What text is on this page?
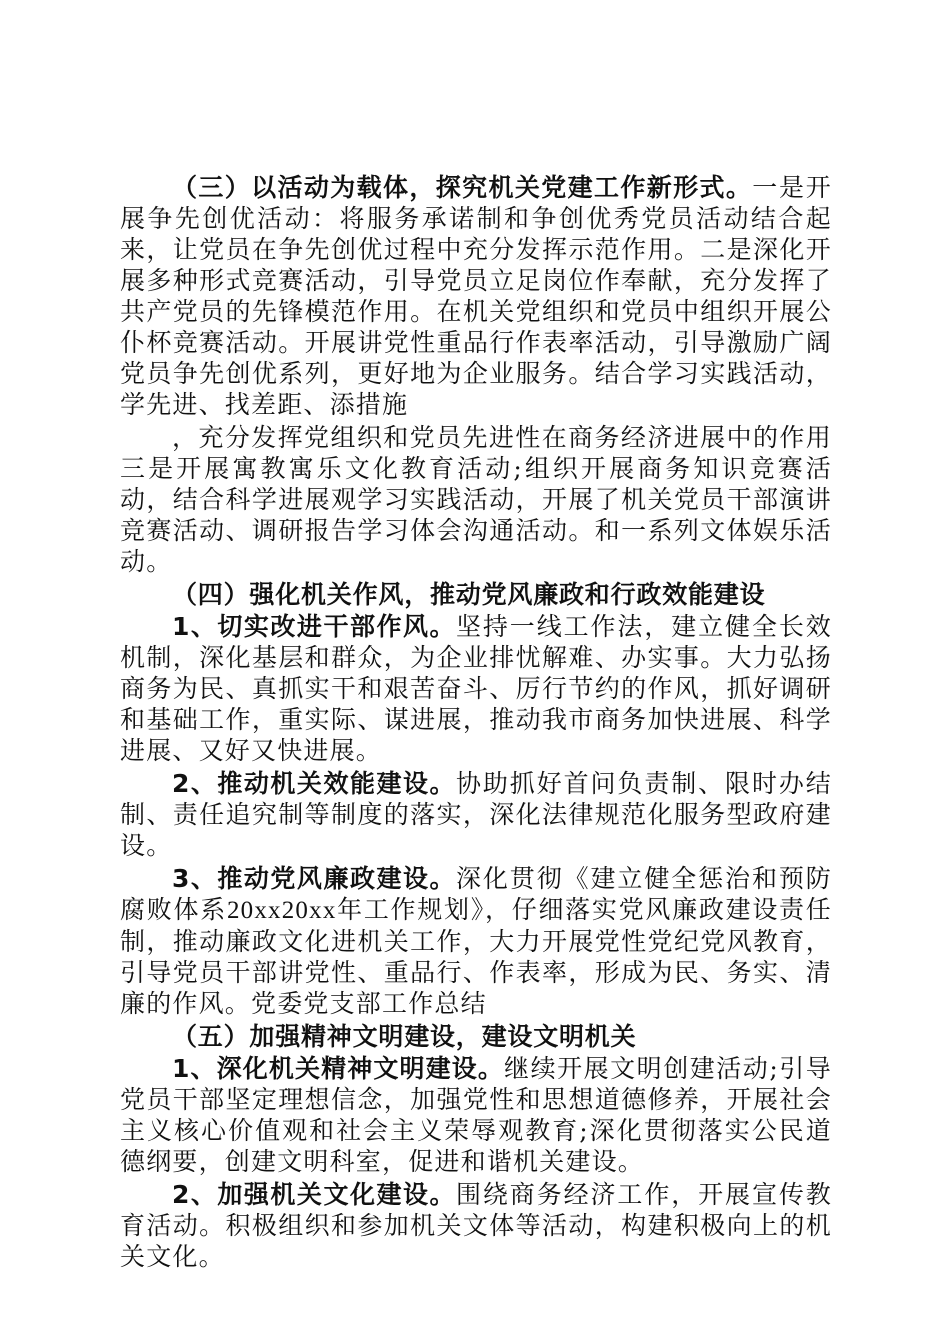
（三）以活动为载体，探究机关党建工作新形式。一是开展争先创优活动：将服务承诺制和争创优秀党员活动结合起来，让党员在争先创优过程中充分发挥示范作用。二是深化开展多种形式竞赛活动，引导党员立足岗位作奉献，充分发挥了共产党员的先锋模范作用。在机关党组织和党员中组织开展公仆杯竞赛活动。开展讲党性重品行作表率活动，引导激励广阔党员争先创优系列，更好地为企业服务。结合学习实践活动，学先进、找差距、添措施

，充分发挥党组织和党员先进性在商务经济进展中的作用三是开展寓教寓乐文化教育活动;组织开展商务知识竞赛活动，结合科学进展观学习实践活动，开展了机关党员干部演讲竞赛活动、调研报告学习体会沟通活动。和一系列文体娱乐活动。

（四）强化机关作风，推动党风廉政和行政效能建设

1、切实改进干部作风。坚持一线工作法，建立健全长效机制，深化基层和群众，为企业排忧解难、办实事。大力弘扬商务为民、真抓实干和艰苦奋斗、厉行节约的作风，抓好调研和基础工作，重实际、谋进展，推动我市商务加快进展、科学进展、又好又快进展。

2、推动机关效能建设。协助抓好首问负责制、限时办结制、责任追究制等制度的落实，深化法律规范化服务型政府建设。

3、推动党风廉政建设。深化贯彻《建立健全惩治和预防腐败体系20xx20xx年工作规划》，仔细落实党风廉政建设责任制，推动廉政文化进机关工作，大力开展党性党纪党风教育，引导党员干部讲党性、重品行、作表率，形成为民、务实、清廉的作风。党委党支部工作总结

（五）加强精神文明建设，建设文明机关

1、深化机关精神文明建设。继续开展文明创建活动;引导党员干部坚定理想信念，加强党性和思想道德修养，开展社会主义核心价值观和社会主义荣辱观教育;深化贯彻落实公民道德纲要，创建文明科室，促进和谐机关建设。

2、加强机关文化建设。围绕商务经济工作，开展宣传教育活动。积极组织和参加机关文体等活动，构建积极向上的机关文化。
